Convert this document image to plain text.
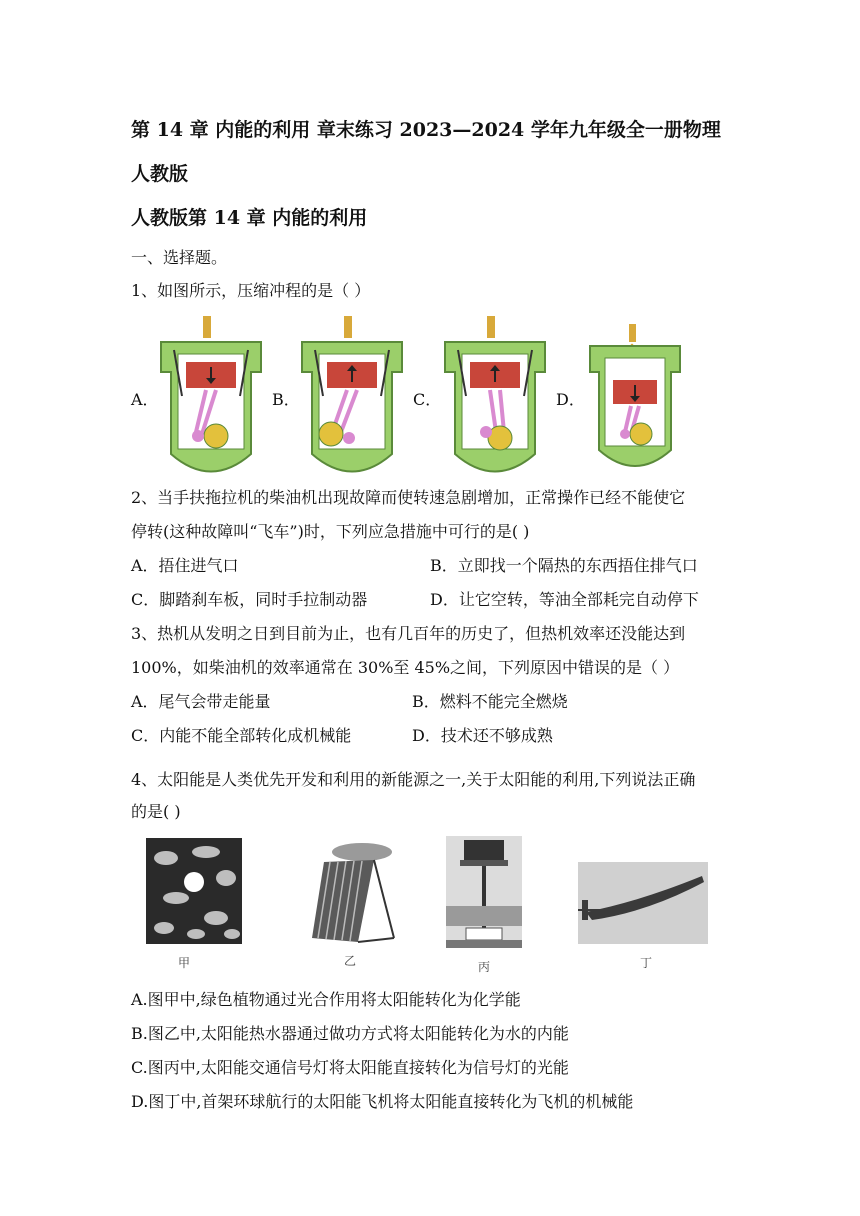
第 14 章 内能的利用 章末练习 2023—2024 学年九年级全一册物理
人教版
人教版第 14 章 内能的利用
一、选择题。
1、如图所示，压缩冲程的是（ ）
A．	B．	C．	D．
2、当手扶拖拉机的柴油机出现故障而使转速急剧增加，正常操作已经不能使它
停转(这种故障叫“飞车”)时，下列应急措施中可行的是( )
A．捂住进气口	B．立即找一个隔热的东西捂住排气口
C．脚踏刹车板，同时手拉制动器	D．让它空转，等油全部耗完自动停下
3、热机从发明之日到目前为止，也有几百年的历史了，但热机效率还没能达到
100%，如柴油机的效率通常在 30%至 45%之间，下列原因中错误的是（ ）
A．尾气会带走能量	B．燃料不能完全燃烧
C．内能不能全部转化成机械能	D．技术还不够成熟
4、太阳能是人类优先开发和利用的新能源之一,关于太阳能的利用,下列说法正确
的是( )
甲	乙	丙	丁
A.图甲中,绿色植物通过光合作用将太阳能转化为化学能
B.图乙中,太阳能热水器通过做功方式将太阳能转化为水的内能
C.图丙中,太阳能交通信号灯将太阳能直接转化为信号灯的光能
D.图丁中,首架环球航行的太阳能飞机将太阳能直接转化为飞机的机械能
